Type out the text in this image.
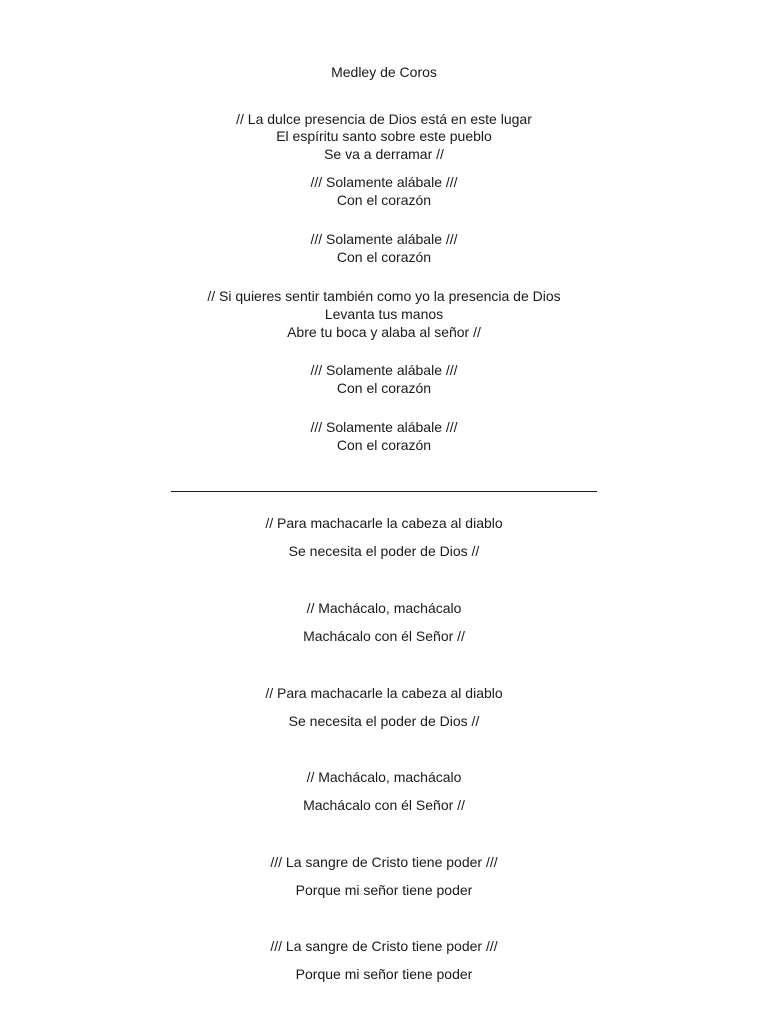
Medley de Coros
// La dulce presencia de Dios está en este lugar
El espíritu santo sobre este pueblo
Se va a derramar //
/// Solamente alábale ///
Con el corazón
/// Solamente alábale ///
Con el corazón
// Si quieres sentir también como yo la presencia de Dios
Levanta tus manos
Abre tu boca y alaba al señor //
/// Solamente alábale ///
Con el corazón
/// Solamente alábale ///
Con el corazón
// Para machacarle la cabeza al diablo
Se necesita el poder de Dios //
// Machácalo, machácalo
Machácalo con él Señor //
// Para machacarle la cabeza al diablo
Se necesita el poder de Dios //
// Machácalo, machácalo
Machácalo con él Señor //
/// La sangre de Cristo tiene poder ///
Porque mi señor tiene poder
/// La sangre de Cristo tiene poder ///
Porque mi señor tiene poder
